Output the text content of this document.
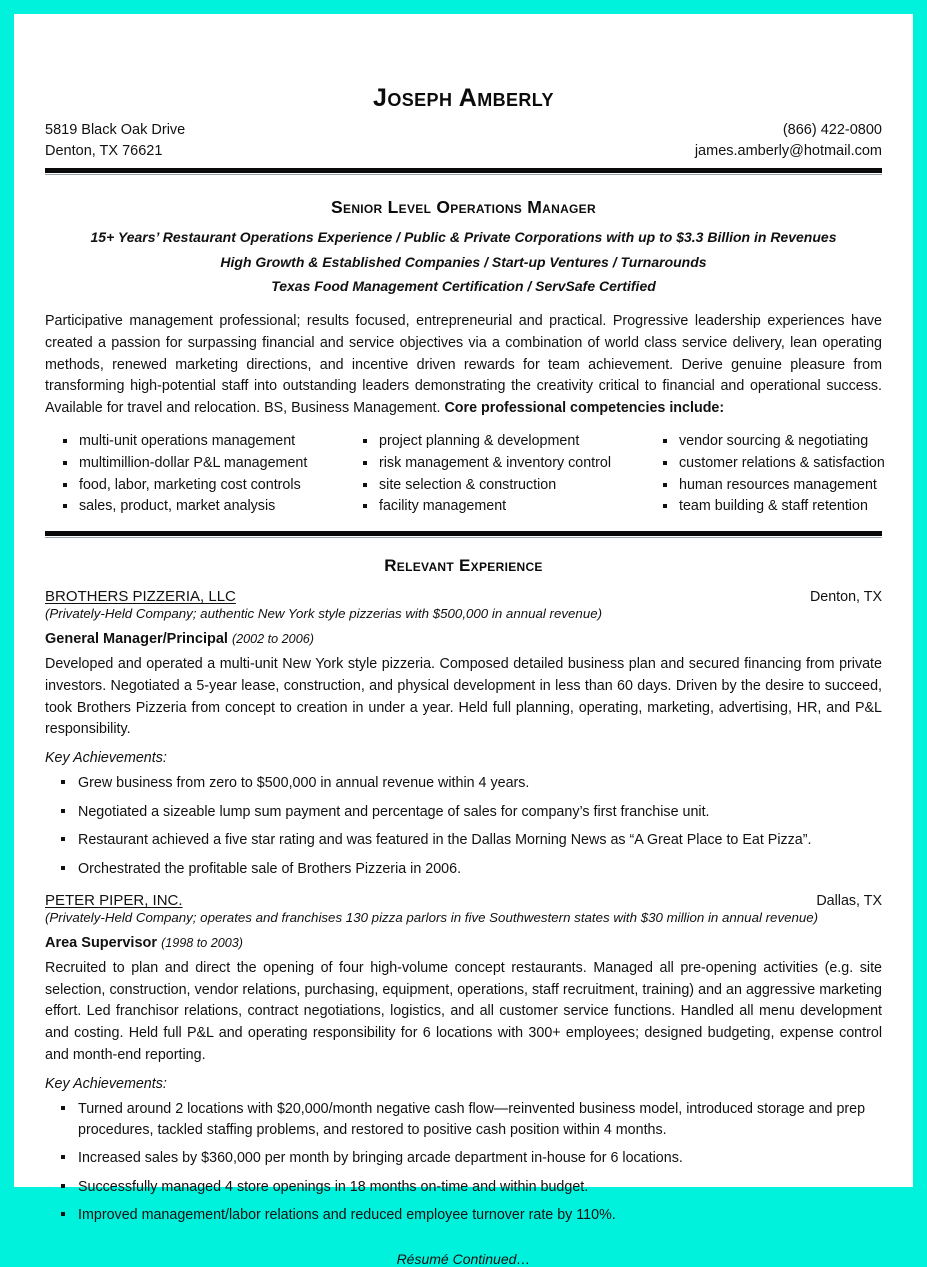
Joseph Amberly
5819 Black Oak Drive
Denton, TX 76621
(866) 422-0800
james.amberly@hotmail.com
Senior Level Operations Manager
15+ Years’ Restaurant Operations Experience / Public & Private Corporations with up to $3.3 Billion in Revenues
High Growth & Established Companies / Start-up Ventures / Turnarounds
Texas Food Management Certification / ServSafe Certified
Participative management professional; results focused, entrepreneurial and practical. Progressive leadership experiences have created a passion for surpassing financial and service objectives via a combination of world class service delivery, lean operating methods, renewed marketing directions, and incentive driven rewards for team achievement. Derive genuine pleasure from transforming high-potential staff into outstanding leaders demonstrating the creativity critical to financial and operational success. Available for travel and relocation. BS, Business Management. Core professional competencies include:
multi-unit operations management
multimillion-dollar P&L management
food, labor, marketing cost controls
sales, product, market analysis
project planning & development
risk management & inventory control
site selection & construction
facility management
vendor sourcing & negotiating
customer relations & satisfaction
human resources management
team building & staff retention
Relevant Experience
BROTHERS PIZZERIA, LLC	Denton, TX
(Privately-Held Company; authentic New York style pizzerias with $500,000 in annual revenue)
General Manager/Principal (2002 to 2006)
Developed and operated a multi-unit New York style pizzeria. Composed detailed business plan and secured financing from private investors. Negotiated a 5-year lease, construction, and physical development in less than 60 days. Driven by the desire to succeed, took Brothers Pizzeria from concept to creation in under a year. Held full planning, operating, marketing, advertising, HR, and P&L responsibility.
Key Achievements:
Grew business from zero to $500,000 in annual revenue within 4 years.
Negotiated a sizeable lump sum payment and percentage of sales for company’s first franchise unit.
Restaurant achieved a five star rating and was featured in the Dallas Morning News as “A Great Place to Eat Pizza”.
Orchestrated the profitable sale of Brothers Pizzeria in 2006.
PETER PIPER, INC.	Dallas, TX
(Privately-Held Company; operates and franchises 130 pizza parlors in five Southwestern states with $30 million in annual revenue)
Area Supervisor (1998 to 2003)
Recruited to plan and direct the opening of four high-volume concept restaurants. Managed all pre-opening activities (e.g. site selection, construction, vendor relations, purchasing, equipment, operations, staff recruitment, training) and an aggressive marketing effort. Led franchisor relations, contract negotiations, logistics, and all customer service functions. Handled all menu development and costing. Held full P&L and operating responsibility for 6 locations with 300+ employees; designed budgeting, expense control and month-end reporting.
Key Achievements:
Turned around 2 locations with $20,000/month negative cash flow—reinvented business model, introduced storage and prep procedures, tackled staffing problems, and restored to positive cash position within 4 months.
Increased sales by $360,000 per month by bringing arcade department in-house for 6 locations.
Successfully managed 4 store openings in 18 months on-time and within budget.
Improved management/labor relations and reduced employee turnover rate by 110%.
Résumé Continued…
